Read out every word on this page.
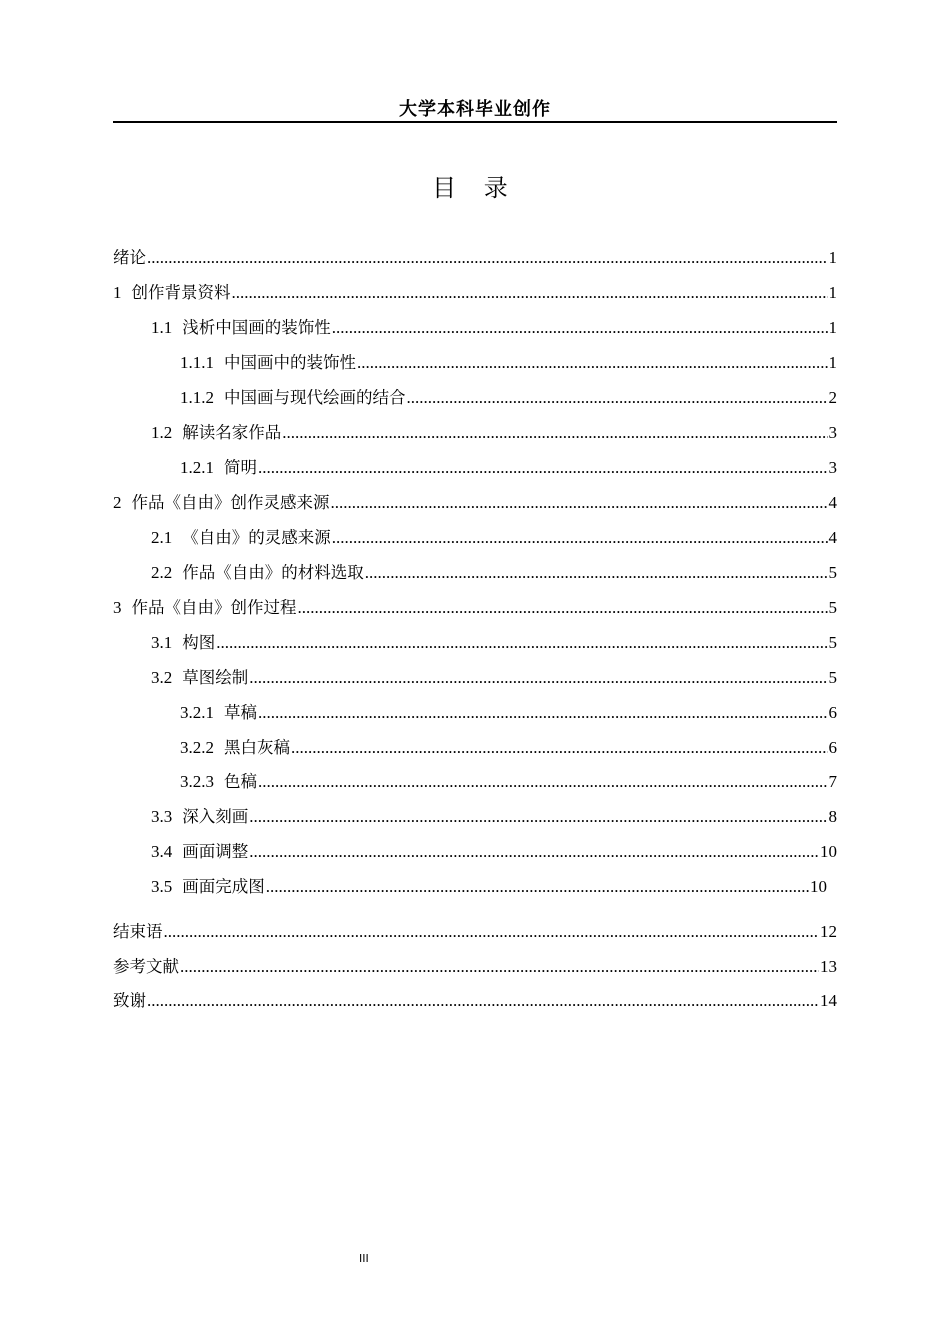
大学本科毕业创作
目 录
绪论 .....	1
1 创作背景资料 .....	1
1.1 浅析中国画的装饰性 .....	1
1.1.1 中国画中的装饰性 .....	1
1.1.2 中国画与现代绘画的结合 .....	2
1.2 解读名家作品 .....	3
1.2.1 简明 .....	3
2 作品《自由》创作灵感来源 .....	4
2.1 《自由》的灵感来源 .....	4
2.2 作品《自由》的材料选取 .....	5
3 作品《自由》创作过程 .....	5
3.1 构图 .....	5
3.2 草图绘制 .....	5
3.2.1 草稿 .....	6
3.2.2 黑白灰稿 .....	6
3.2.3 色稿 .....	7
3.3 深入刻画 .....	8
3.4 画面调整 .....	10
3.5 画面完成图 .....	10
结束语 .....	12
参考文献 .....	13
致谢 .....	14
III
